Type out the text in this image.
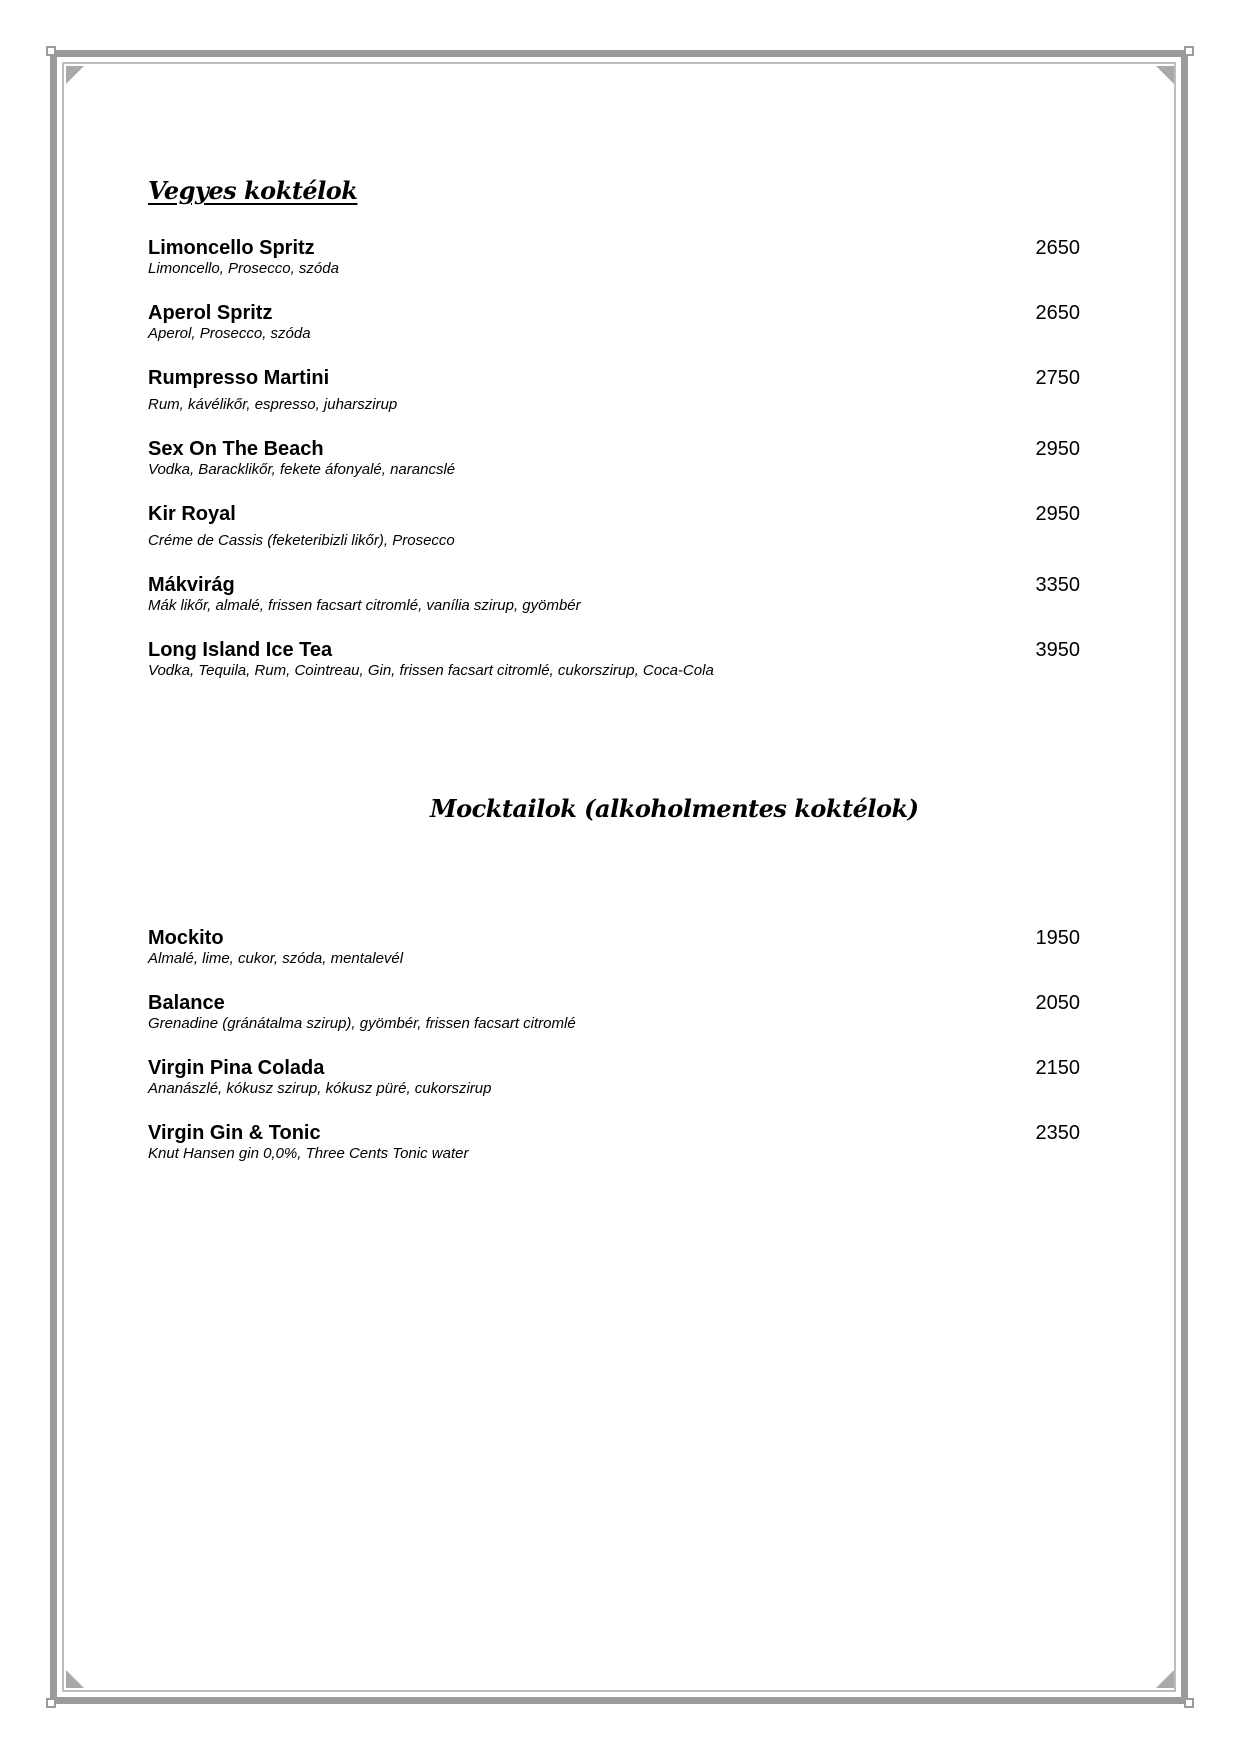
Vegyes koktélok
Limoncello Spritz
Limoncello, Prosecco, szóda
2650
Aperol Spritz
Aperol, Prosecco, szóda
2650
Rumpresso Martini
Rum, kávélikőr, espresso, juharszirup
2750
Sex On The Beach
Vodka, Baracklikőr, fekete áfonyalé, narancslé
2950
Kir Royal
Créme de Cassis (feketeribizli likőr), Prosecco
2950
Mákvirág
Mák likőr, almalé, frissen facsart citromlé, vanília szirup, gyömbér
3350
Long Island Ice Tea
Vodka, Tequila, Rum, Cointreau, Gin, frissen facsart citromlé, cukorszirup, Coca-Cola
3950
Mocktailok (alkoholmentes koktélok)
Mockito
Almalé, lime, cukor, szóda, mentalevél
1950
Balance
Grenadine (gránátalma szirup), gyömbér, frissen facsart citromlé
2050
Virgin Pina Colada
Ananászlé, kókusz szirup, kókusz püré, cukorszirup
2150
Virgin Gin & Tonic
Knut Hansen gin 0,0%, Three Cents Tonic water
2350
